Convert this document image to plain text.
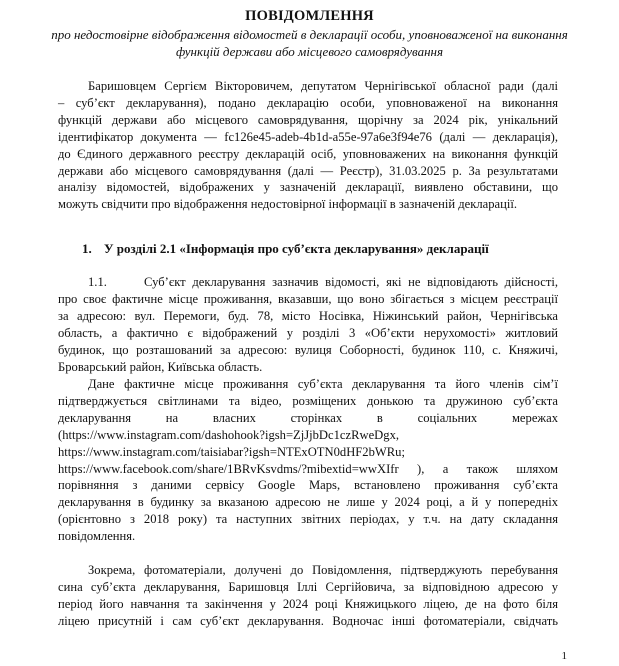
ПОВІДОМЛЕННЯ
про недостовірне відображення відомостей в декларації особи, уповноваженої на виконання функцій держави або місцевого самоврядування
Баришовцем Сергієм Вікторовичем, депутатом Чернігівської обласної ради (далі
– суб’єкт декларування), подано декларацію особи, уповноваженої на виконання
функцій держави або місцевого самоврядування, щорічну за 2024 рік, унікальний
ідентифікатор документа — fc126e45-adeb-4b1d-a55e-97a6e3f94e76 (далі — декларація),
до Єдиного державного реєстру декларацій осіб, уповноважених на виконання функцій
держави або місцевого самоврядування (далі — Реєстр), 31.03.2025 р. За результатами
аналізу відомостей, відображених у зазначеній декларації, виявлено обставини, що
можуть свідчити про відображення недостовірної інформації в зазначеній декларації.
1. У розділі 2.1 «Інформація про суб’єкта декларування» декларації
1.1.	Суб’єкт декларування зазначив відомості, які не відповідають дійсності,
про своє фактичне місце проживання, вказавши, що воно збігається з місцем реєстрації
за адресою: вул. Перемоги, буд. 78, місто Носівка, Ніжинський район, Чернігівська
область, а фактично є відображений у розділі 3 «Об’єкти нерухомості» житловий
будинок, що розташований за адресою: вулиця Соборності, будинок 110, с. Княжичі,
Броварський район, Київська область.
Дане фактичне місце проживання суб’єкта декларування та його членів сім’ї
підтверджується світлинами та відео, розміщених донькою та дружиною суб’єкта
декларування на власних сторінках в соціальних мережах
(https://www.instagram.com/dashohook?igsh=ZjJjbDc1czRweDgx,
https://www.instagram.com/taisiabar?igsh=NTExOTN0dHF2bWRu;
https://www.facebook.com/share/1BRvKsvdms/?mibextid=wwXIfr ), а також шляхом
порівняння з даними сервісу Google Maps, встановлено проживання суб’єкта
декларування в будинку за вказаною адресою не лише у 2024 році, а й у попередніх
(орієнтовно з 2018 року) та наступних звітних періодах, у т.ч. на дату складання
повідомлення.
Зокрема, фотоматеріали, долучені до Повідомлення, підтверджують перебування
сина суб’єкта декларування, Баришовця Іллі Сергійовича, за відповідною адресою у
період його навчання та закінчення у 2024 році Княжицького ліцею, де на фото біля
ліцею присутній і сам суб’єкт декларування. Водночас інші фотоматеріали, свідчать
1
